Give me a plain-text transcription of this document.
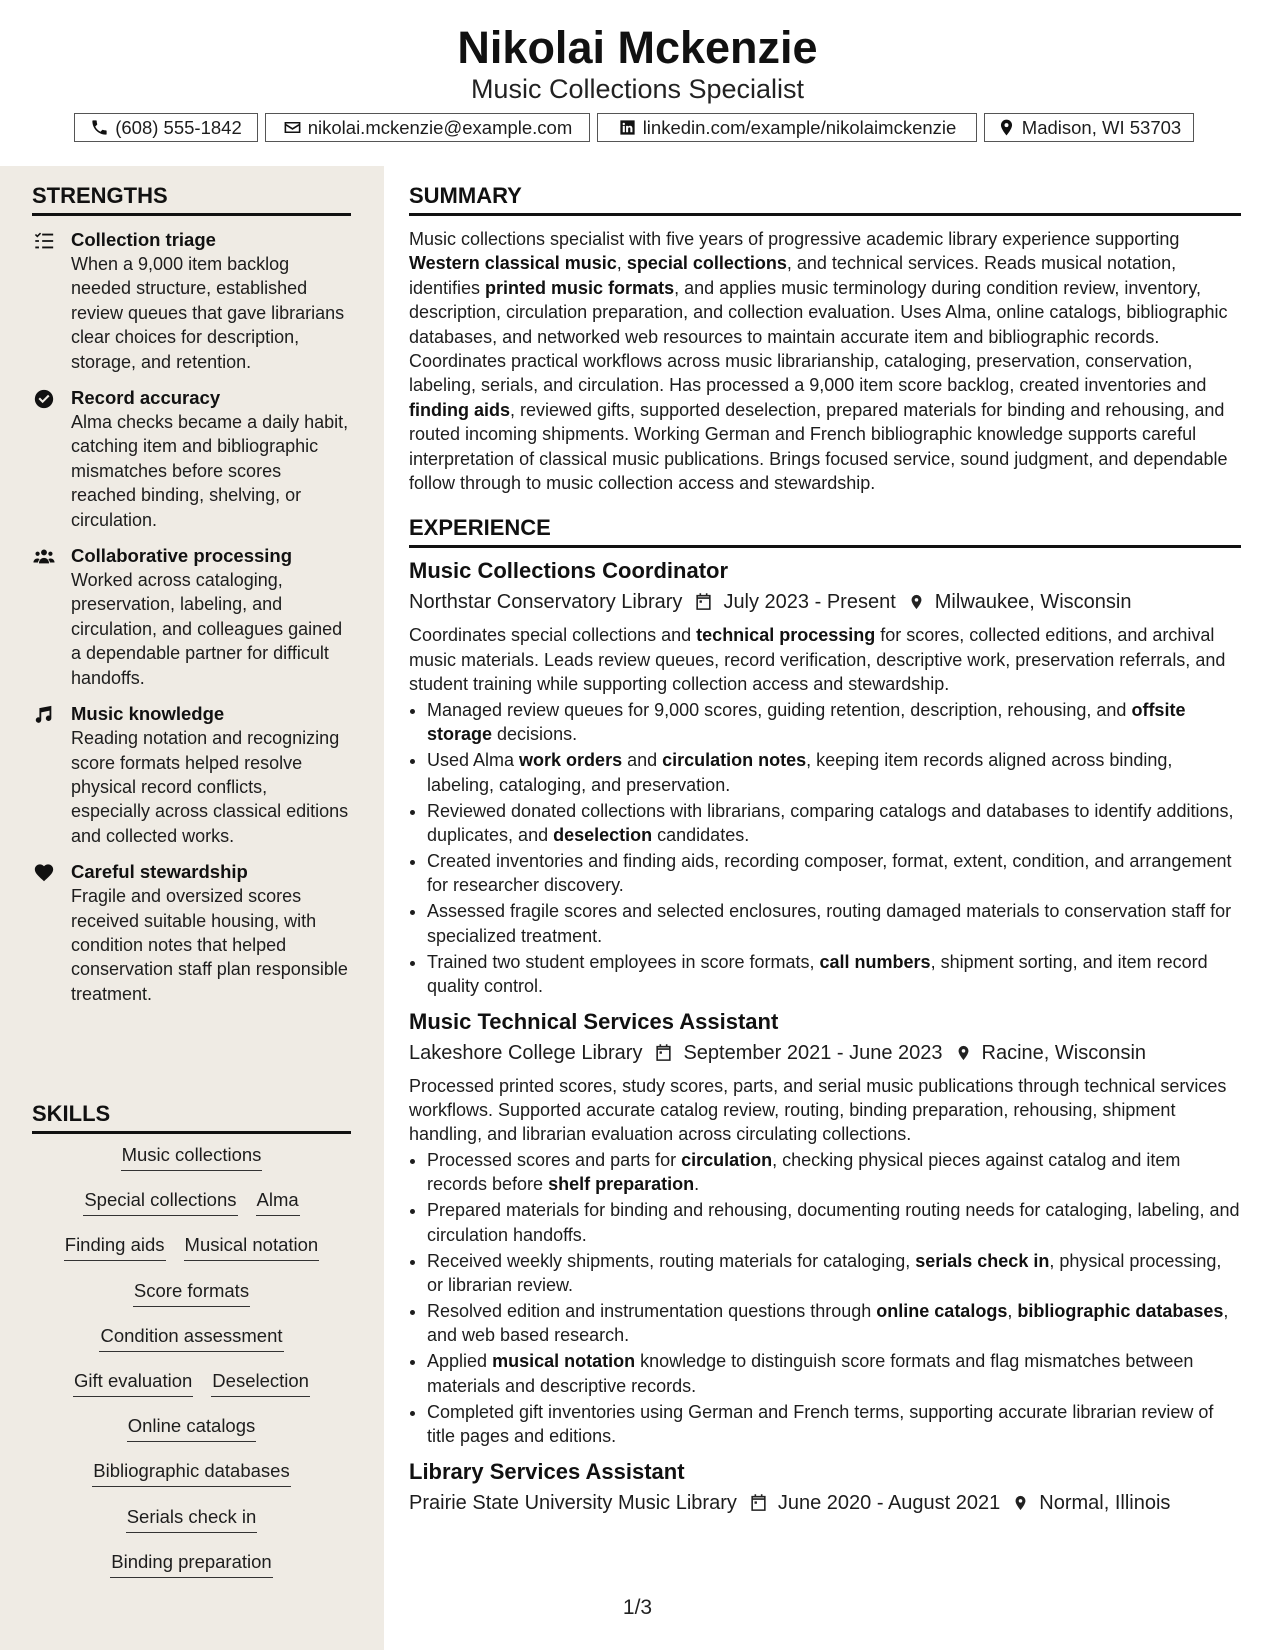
Nikolai Mckenzie
Music Collections Specialist
(608) 555-1842	nikolai.mckenzie@example.com	linkedin.com/example/nikolaimckenzie	Madison, WI 53703
STRENGTHS
Collection triage
When a 9,000 item backlog needed structure, established review queues that gave librarians clear choices for description, storage, and retention.
Record accuracy
Alma checks became a daily habit, catching item and bibliographic mismatches before scores reached binding, shelving, or circulation.
Collaborative processing
Worked across cataloging, preservation, labeling, and circulation, and colleagues gained a dependable partner for difficult handoffs.
Music knowledge
Reading notation and recognizing score formats helped resolve physical record conflicts, especially across classical editions and collected works.
Careful stewardship
Fragile and oversized scores received suitable housing, with condition notes that helped conservation staff plan responsible treatment.
SKILLS
Music collections
Special collections Alma
Finding aids Musical notation
Score formats
Condition assessment
Gift evaluation Deselection
Online catalogs
Bibliographic databases
Serials check in
Binding preparation
SUMMARY
Music collections specialist with five years of progressive academic library experience supporting Western classical music, special collections, and technical services. Reads musical notation, identifies printed music formats, and applies music terminology during condition review, inventory, description, circulation preparation, and collection evaluation. Uses Alma, online catalogs, bibliographic databases, and networked web resources to maintain accurate item and bibliographic records. Coordinates practical workflows across music librarianship, cataloging, preservation, conservation, labeling, serials, and circulation. Has processed a 9,000 item score backlog, created inventories and finding aids, reviewed gifts, supported deselection, prepared materials for binding and rehousing, and routed incoming shipments. Working German and French bibliographic knowledge supports careful interpretation of classical music publications. Brings focused service, sound judgment, and dependable follow through to music collection access and stewardship.
EXPERIENCE
Music Collections Coordinator
Northstar Conservatory Library July 2023 - Present Milwaukee, Wisconsin
Coordinates special collections and technical processing for scores, collected editions, and archival music materials. Leads review queues, record verification, descriptive work, preservation referrals, and student training while supporting collection access and stewardship.
• Managed review queues for 9,000 scores, guiding retention, description, rehousing, and offsite storage decisions.
• Used Alma work orders and circulation notes, keeping item records aligned across binding, labeling, cataloging, and preservation.
• Reviewed donated collections with librarians, comparing catalogs and databases to identify additions, duplicates, and deselection candidates.
• Created inventories and finding aids, recording composer, format, extent, condition, and arrangement for researcher discovery.
• Assessed fragile scores and selected enclosures, routing damaged materials to conservation staff for specialized treatment.
• Trained two student employees in score formats, call numbers, shipment sorting, and item record quality control.
Music Technical Services Assistant
Lakeshore College Library September 2021 - June 2023 Racine, Wisconsin
Processed printed scores, study scores, parts, and serial music publications through technical services workflows. Supported accurate catalog review, routing, binding preparation, rehousing, shipment handling, and librarian evaluation across circulating collections.
• Processed scores and parts for circulation, checking physical pieces against catalog and item records before shelf preparation.
• Prepared materials for binding and rehousing, documenting routing needs for cataloging, labeling, and circulation handoffs.
• Received weekly shipments, routing materials for cataloging, serials check in, physical processing, or librarian review.
• Resolved edition and instrumentation questions through online catalogs, bibliographic databases, and web based research.
• Applied musical notation knowledge to distinguish score formats and flag mismatches between materials and descriptive records.
• Completed gift inventories using German and French terms, supporting accurate librarian review of title pages and editions.
Library Services Assistant
Prairie State University Music Library June 2020 - August 2021 Normal, Illinois
1/3
